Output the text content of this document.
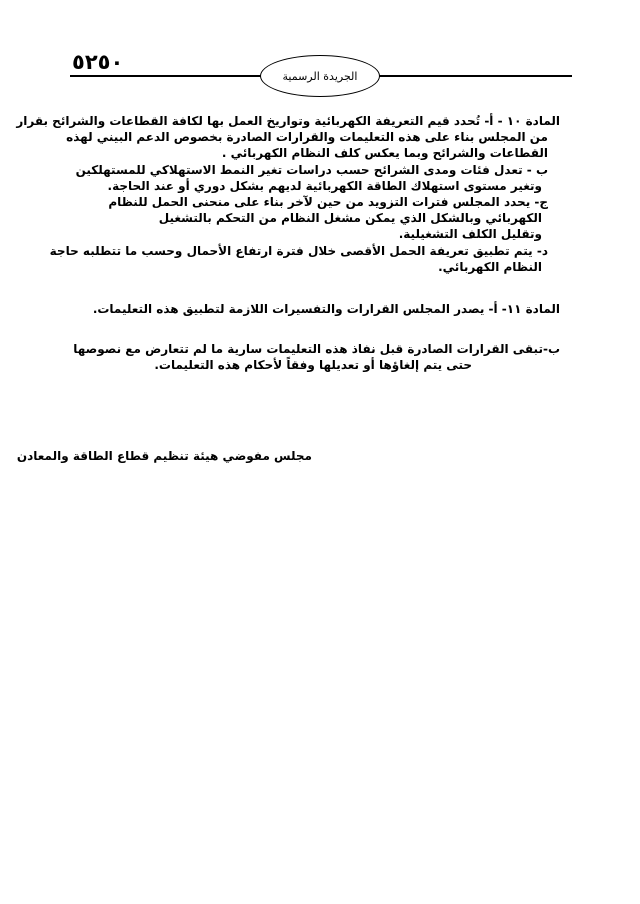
٥٢٥٠
الجريدة الرسمية
المادة ١٠ - أ- تُحدد قيم التعريفة الكهربائية وتواريخ العمل بها لكافة القطاعات والشرائح بقرار
من المجلس بناء على هذه التعليمات والقرارات الصادرة بخصوص الدعم البيني لهذه
القطاعات والشرائح وبما يعكس كلف النظام الكهربائي .
ب - تعدل فئات ومدى الشرائح حسب دراسات تغير النمط الاستهلاكي للمستهلكين
وتغير مستوى استهلاك الطاقة الكهربائية لديهم بشكل دوري أو عند الحاجة.
ج- يحدد المجلس فترات التزويد من حين لآخر بناء على منحنى الحمل للنظام
الكهربائي وبالشكل الذي يمكن مشغل النظام من التحكم بالتشغيل
وتقليل الكلف التشغيلية.
د- يتم تطبيق تعريفة الحمل الأقصى خلال فترة ارتفاع الأحمال وحسب ما تتطلبه حاجة
النظام الكهربائي.
المادة ١١- أ- يصدر المجلس القرارات والتفسيرات اللازمة لتطبيق هذه التعليمات.
ب-تبقى القرارات الصادرة قبل نفاذ هذه التعليمات سارية ما لم تتعارض مع نصوصها
حتى يتم إلغاؤها أو تعديلها وفقاً لأحكام هذه التعليمات.
مجلس مفوضي هيئة تنظيم قطاع الطاقة والمعادن
